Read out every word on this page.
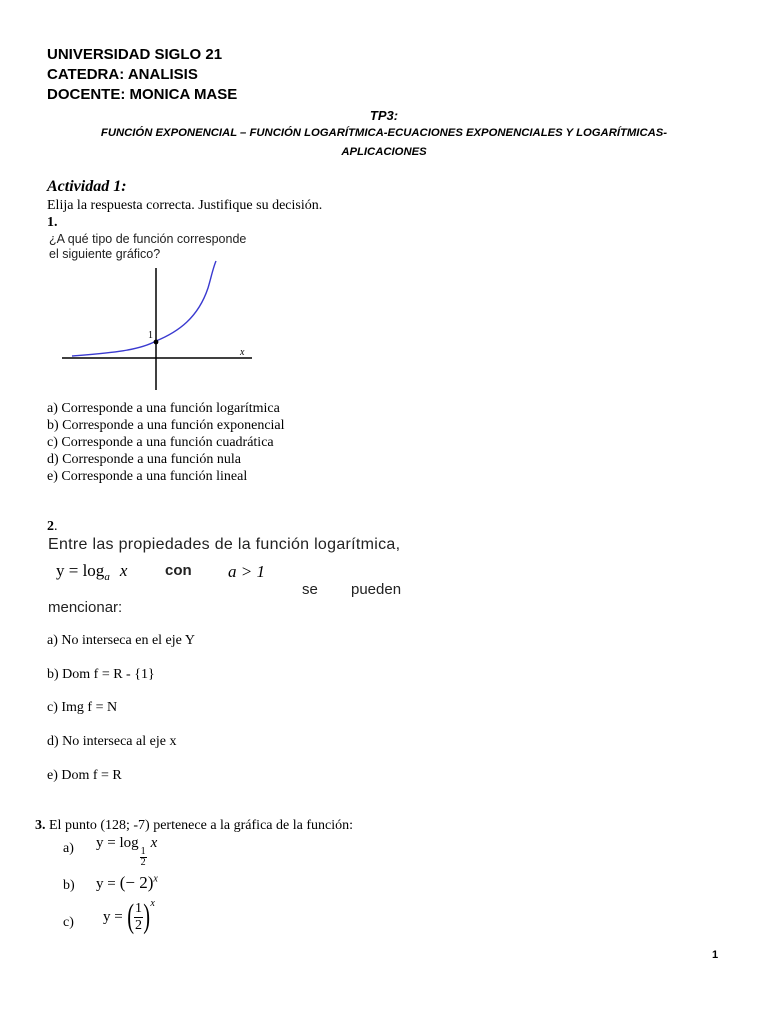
UNIVERSIDAD SIGLO 21
CATEDRA: ANALISIS
DOCENTE: MONICA MASE
TP3:
FUNCIÓN EXPONENCIAL – FUNCIÓN LOGARÍTMICA-ECUACIONES EXPONENCIALES Y LOGARÍTMICAS-
APLICACIONES
Actividad 1:
Elija la respuesta correcta. Justifique su decisión.
1.
¿A qué tipo de función corresponde
el siguiente gráfico?
1
x
a) Corresponde a una función logarítmica
b) Corresponde a una función exponencial
c) Corresponde a una función cuadrática
d) Corresponde a una función nula
e) Corresponde a una función lineal
2.
Entre las propiedades de la función logarítmica,
$y = \log_a x$	con a > 1
se pueden
mencionar:
a) No interseca en el eje Y
b) Dom f = R - {1}
c) Img f = N
d) No interseca al eje x
e) Dom f = R
3. El punto (128; -7) pertenece a la gráfica de la función:
a) y = log
$\frac{1}{2}$
x
b) y = (− 2)$^x$
c) y = ( $\frac{1}{2}$ ) x
1
